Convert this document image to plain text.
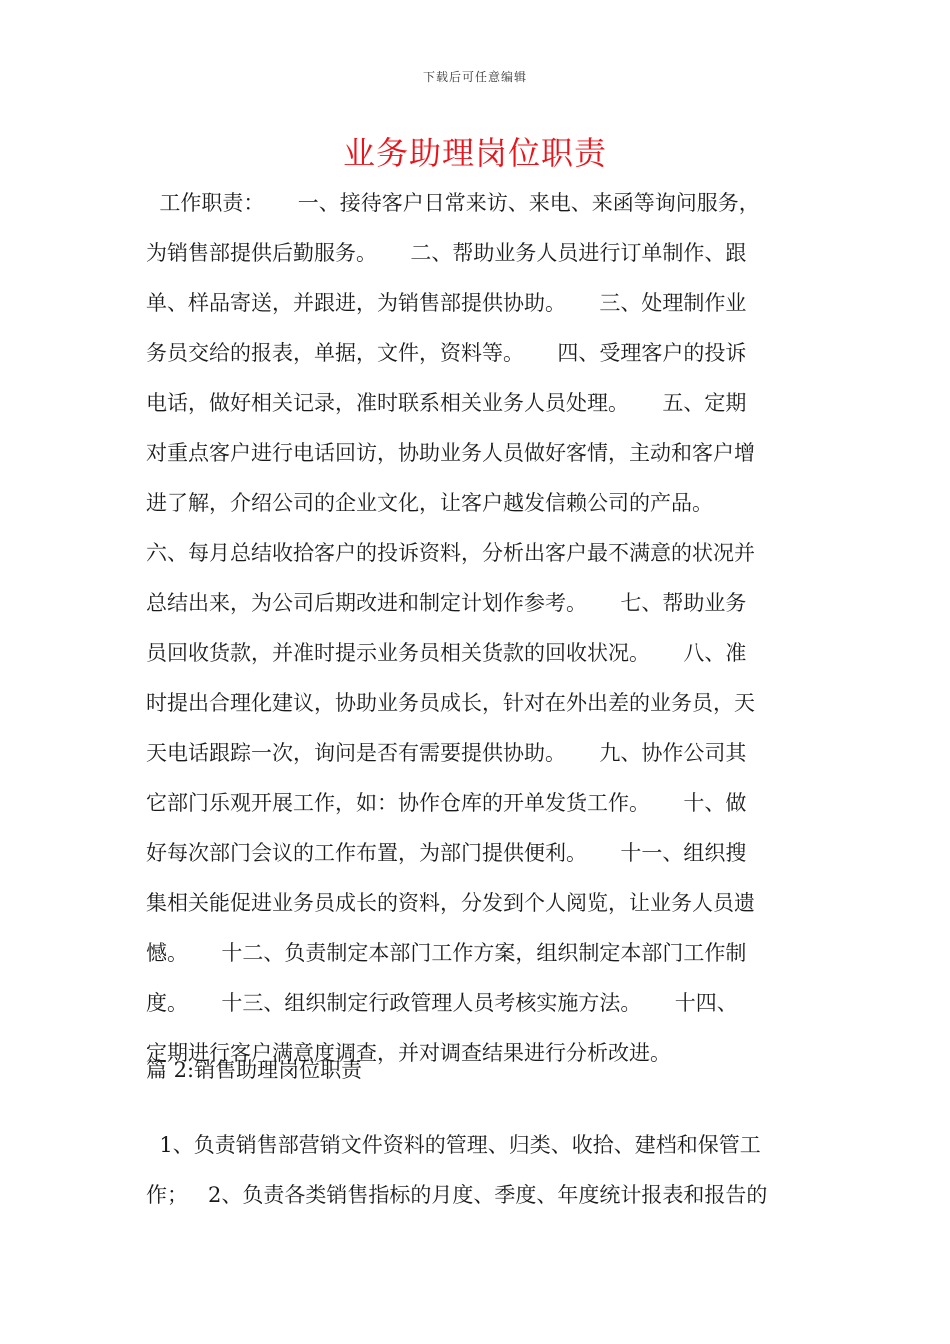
下载后可任意编辑
业务助理岗位职责
工作职责：     一、接待客户日常来访、来电、来函等询问服务，
为销售部提供后勤服务。     二、帮助业务人员进行订单制作、跟
单、样品寄送，并跟进，为销售部提供协助。     三、处理制作业
务员交给的报表，单据，文件，资料等。     四、受理客户的投诉
电话，做好相关记录，准时联系相关业务人员处理。     五、定期
对重点客户进行电话回访，协助业务人员做好客情，主动和客户增
进了解，介绍公司的企业文化，让客户越发信赖公司的产品。
六、每月总结收拾客户的投诉资料，分析出客户最不满意的状况并
总结出来，为公司后期改进和制定计划作参考。     七、帮助业务
员回收货款，并准时提示业务员相关货款的回收状况。     八、准
时提出合理化建议，协助业务员成长，针对在外出差的业务员，天
天电话跟踪一次，询问是否有需要提供协助。     九、协作公司其
它部门乐观开展工作，如：协作仓库的开单发货工作。     十、做
好每次部门会议的工作布置，为部门提供便利。     十一、组织搜
集相关能促进业务员成长的资料，分发到个人阅览，让业务人员遗
憾。     十二、负责制定本部门工作方案，组织制定本部门工作制
度。     十三、组织制定行政管理人员考核实施方法。     十四、
定期进行客户满意度调查，并对调查结果进行分析改进。
篇 2:销售助理岗位职责
1、负责销售部营销文件资料的管理、归类、收拾、建档和保管工
作；   2、负责各类销售指标的月度、季度、年度统计报表和报告的
